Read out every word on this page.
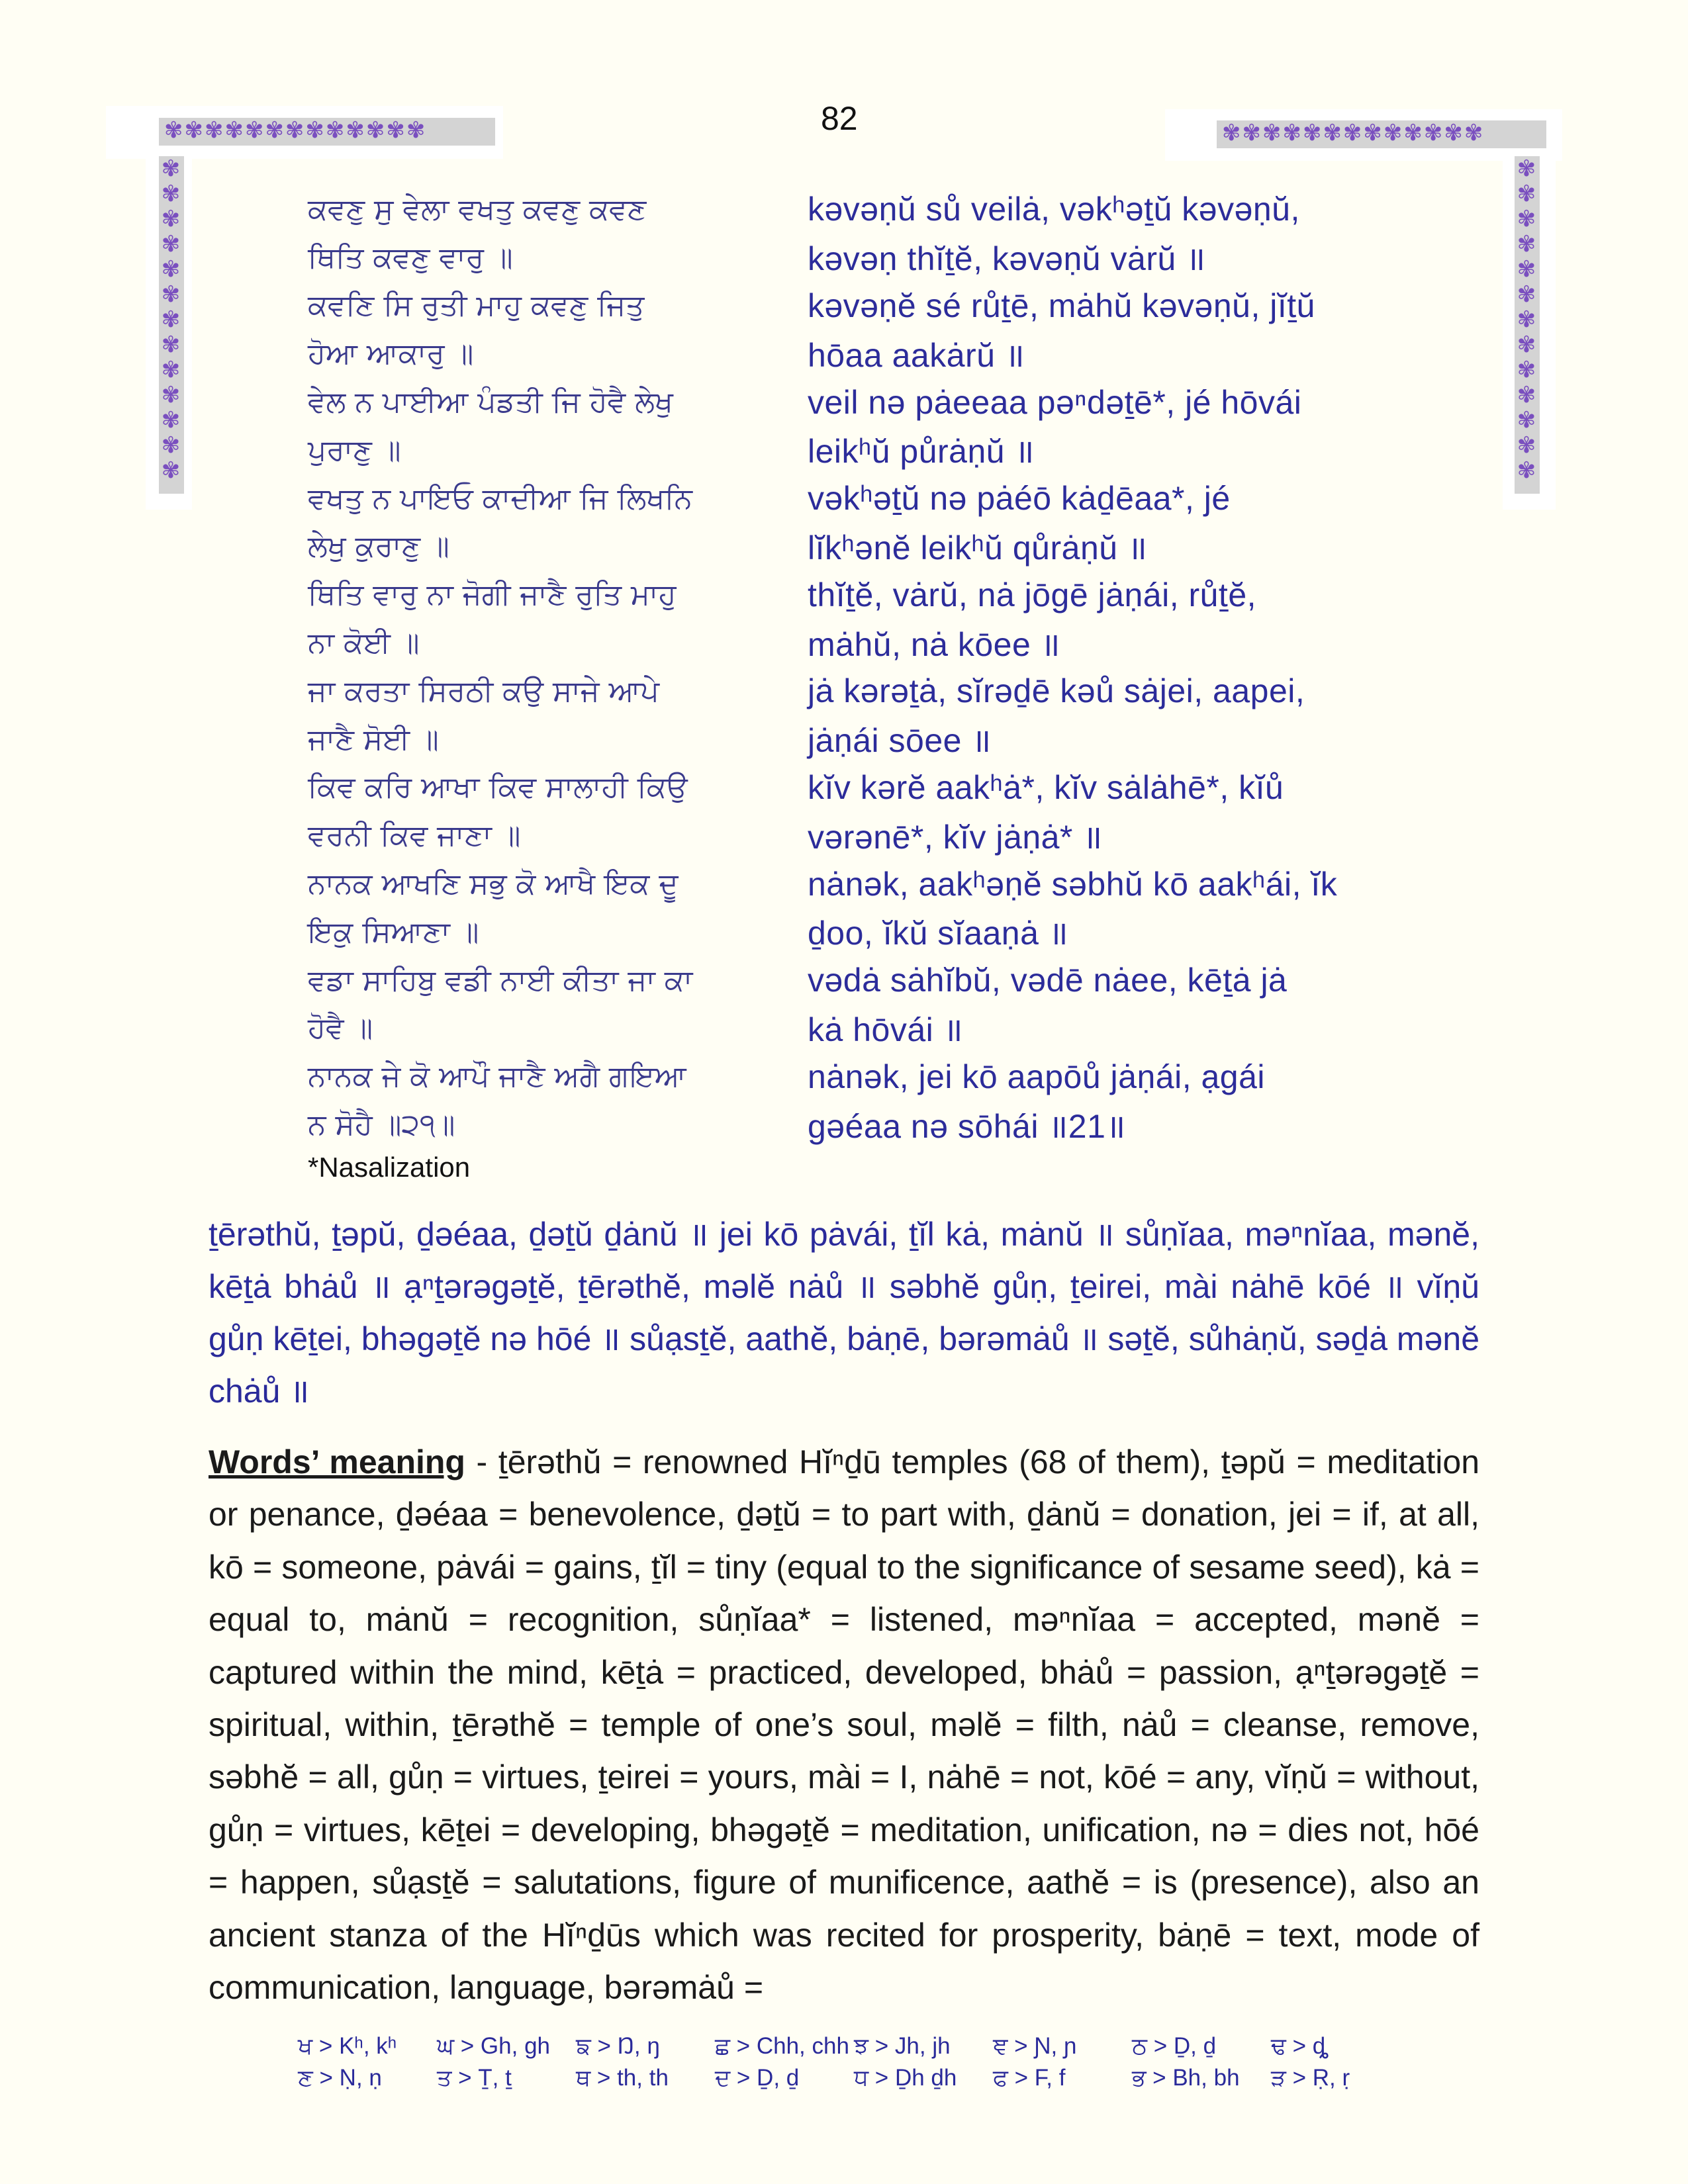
✾✾✾✾✾✾✾✾✾✾✾✾✾	✾✾✾✾✾✾✾✾✾✾✾✾✾
✾
✾
✾
✾
✾
✾
✾
✾
✾
✾
✾
✾
✾
✾
✾
✾
✾
✾
✾
✾
✾
✾
✾
✾
✾
✾
82
ਕਵਣੁ ਸੁ ਵੇਲਾ ਵਖਤੁ ਕਵਣੁ ਕਵਣ	kəvəṇŭ sů veilȧ, vəkʰəṯŭ kəvəṇŭ,
ਥਿਤਿ ਕਵਣੁ ਵਾਰੁ ॥	kəvəṇ thĭṯĕ, kəvəṇŭ vȧrŭ ॥
ਕਵਣਿ ਸਿ ਰੁਤੀ ਮਾਹੁ ਕਵਣੁ ਜਿਤੁ	kəvəṇĕ sé růṯē, mȧhŭ kəvəṇŭ, jĭṯŭ
ਹੋਆ ਆਕਾਰੁ ॥	hōaa aakȧrŭ ॥
ਵੇਲ ਨ ਪਾਈਆ ਪੰਡਤੀ ਜਿ ਹੋਵੈ ਲੇਖੁ	veil nə pȧeeaa pəⁿdəṯē*, jé hōvái
ਪੁਰਾਣੁ ॥	leikʰŭ půrȧṇŭ ॥
ਵਖਤੁ ਨ ਪਾਇਓ ਕਾਦੀਆ ਜਿ ਲਿਖਨਿ	vəkʰəṯŭ nə pȧéō kȧḏēaa*, jé
ਲੇਖੁ ਕੁਰਾਣੁ ॥	lĭkʰənĕ leikʰŭ qůrȧṇŭ ॥
ਥਿਤਿ ਵਾਰੁ ਨਾ ਜੋਗੀ ਜਾਣੈ ਰੁਤਿ ਮਾਹੁ	thĭṯĕ, vȧrŭ, nȧ jōgē jȧṇái, růṯĕ,
ਨਾ ਕੋਈ ॥	mȧhŭ, nȧ kōee ॥
ਜਾ ਕਰਤਾ ਸਿਰਠੀ ਕਉ ਸਾਜੇ ਆਪੇ	jȧ kərəṯȧ, sĭrəḏē kəů sȧjei, aapei,
ਜਾਣੈ ਸੋਈ ॥	jȧṇái sōee ॥
ਕਿਵ ਕਰਿ ਆਖਾ ਕਿਵ ਸਾਲਾਹੀ ਕਿਉ	kĭv kərĕ aakʰȧ*, kĭv sȧlȧhē*, kĭů
ਵਰਨੀ ਕਿਵ ਜਾਣਾ ॥	vərənē*, kĭv jȧṇȧ* ॥
ਨਾਨਕ ਆਖਣਿ ਸਭੁ ਕੋ ਆਖੈ ਇਕ ਦੂ	nȧnək, aakʰəṇĕ səbhŭ kō aakʰái, ĭk
ਇਕੁ ਸਿਆਣਾ ॥	ḏoo, ĭkŭ sĭaaṇȧ ॥
ਵਡਾ ਸਾਹਿਬੁ ਵਡੀ ਨਾਈ ਕੀਤਾ ਜਾ ਕਾ	vədȧ sȧhĭbŭ, vədē nȧee, kēṯȧ jȧ
ਹੋਵੈ ॥	kȧ hōvái ॥
ਨਾਨਕ ਜੇ ਕੋ ਆਪੌ ਜਾਣੈ ਅਗੈ ਗਇਆ	nȧnək, jei kō aapōů jȧṇái, ạgái
ਨ ਸੋਹੈ ॥੨੧॥	gəéaa nə sōhái ॥21॥
*Nasalization
ṯērəthŭ, ṯəpŭ, ḏəéaa, ḏəṯŭ ḏȧnŭ ॥ jei kō pȧvái, ṯĭl kȧ, mȧnŭ ॥ sůṇĭaa, məⁿnĭaa, mənĕ, kēṯȧ bhȧů ॥ ạⁿṯərəgəṯĕ, ṯērəthĕ, məlĕ nȧů ॥ səbhĕ gůṇ, ṯeirei, mài nȧhē kōé ॥ vĭṇŭ gůṇ kēṯei, bhəgəṯĕ nə hōé ॥ sůạsṯĕ, aathĕ, bȧṇē, bərəmȧů ॥ səṯĕ, sůhȧṇŭ, səḏȧ mənĕ chȧů ॥

Words’ meaning - ṯērəthŭ = renowned Hĭⁿḏū temples (68 of them), ṯəpŭ = meditation or penance, ḏəéaa = benevolence, ḏəṯŭ = to part with, ḏȧnŭ = donation, jei = if, at all, kō = someone, pȧvái = gains, ṯĭl = tiny (equal to the significance of sesame seed), kȧ = equal to, mȧnŭ = recognition, sůṇĭaa* = listened, məⁿnĭaa = accepted, mənĕ = captured within the mind, kēṯȧ = practiced, developed, bhȧů = passion, ạⁿṯərəgəṯĕ = spiritual, within, ṯērəthĕ = temple of one’s soul, məlĕ = filth, nȧů = cleanse, remove, səbhĕ = all, gůṇ = virtues, ṯeirei = yours, mài = I, nȧhē = not, kōé = any, vĭṇŭ = without, gůṇ = virtues, kēṯei = developing, bhəgəṯĕ = meditation, unification, nə = dies not, hōé = happen, sůạsṯĕ = salutations, figure of munificence, aathĕ = is (presence), also an ancient stanza of the Hĭⁿḏūs which was recited for prosperity, bȧṇē = text, mode of communication, language, bərəmȧů =

ਖ > Kʰ, kʰ	ਘ > Gh, gh	ਙ > Ŋ, ŋ	ਛ > Chh, chh ਝ > Jh, jh	ਞ > Ɲ, ɲ	ਠ > Ḏ, ḏ	ਢ > ȡ
ਣ > Ṇ, ṇ	ਤ > Ṯ, ṯ	ਥ > th, th	ਦ > Ḏ, ḏ	ਧ > Ḏh ḏh	ਫ > F, f	ਭ > Bh, bh	ੜ > Ṛ, ṛ
